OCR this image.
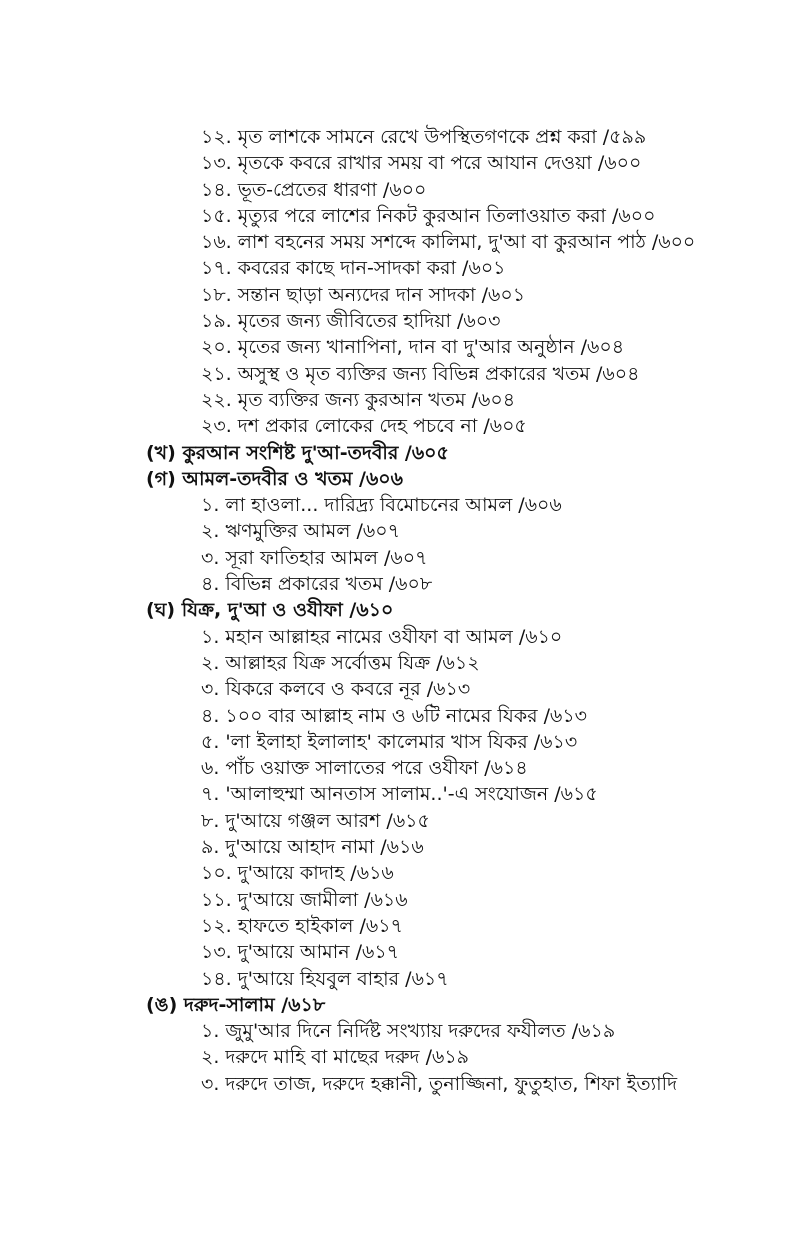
১২. মৃত লাশকে সামনে রেখে উপস্থিতগণকে প্রশ্ন করা /৫৯৯
১৩. মৃতকে কবরে রাখার সময় বা পরে আযান দেওয়া /৬০০
১৪. ভূত-প্রেতের ধারণা /৬০০
১৫. মৃত্যুর পরে লাশের নিকট কুরআন তিলাওয়াত করা /৬০০
১৬. লাশ বহনের সময় সশব্দে কালিমা, দু'আ বা কুরআন পাঠ /৬০০
১৭. কবরের কাছে দান-সাদকা করা /৬০১
১৮. সন্তান ছাড়া অন্যদের দান সাদকা /৬০১
১৯. মৃতের জন্য জীবিতের হাদিয়া /৬০৩
২০. মৃতের জন্য খানাপিনা, দান বা দু'আর অনুষ্ঠান /৬০৪
২১. অসুস্থ ও মৃত ব্যক্তির জন্য বিভিন্ন প্রকারের খতম /৬০৪
২২. মৃত ব্যক্তির জন্য কুরআন খতম /৬০৪
২৩. দশ প্রকার লোকের দেহ পচবে না /৬০৫
(খ) কুরআন সংশিষ্ট দু'আ-তদবীর /৬০৫
(গ) আমল-তদবীর ও খতম /৬০৬
১. লা হাওলা... দারিদ্র্য বিমোচনের আমল /৬০৬
২. ঋণমুক্তির আমল /৬০৭
৩. সূরা ফাতিহার আমল /৬০৭
৪. বিভিন্ন প্রকারের খতম /৬০৮
(ঘ) যিক্র, দু'আ ও ওযীফা /৬১০
১. মহান আল্লাহর নামের ওযীফা বা আমল /৬১০
২. আল্লাহর যিক্র সর্বোত্তম যিক্র /৬১২
৩. যিকরে কলবে ও কবরে নূর /৬১৩
৪. ১০০ বার আল্লাহ নাম ও ৬টি নামের যিকর /৬১৩
৫. 'লা ইলাহা ইলালাহ' কালেমার খাস যিকর /৬১৩
৬. পাঁচ ওয়াক্ত সালাতের পরে ওযীফা /৬১৪
৭. 'আলাহুম্মা আনতাস সালাম..'-এ সংযোজন /৬১৫
৮. দু'আয়ে গঞ্জল আরশ /৬১৫
৯. দু'আয়ে আহাদ নামা /৬১৬
১০. দু'আয়ে কাদাহ /৬১৬
১১. দু'আয়ে জামীলা /৬১৬
১২. হাফতে হাইকাল /৬১৭
১৩. দু'আয়ে আমান /৬১৭
১৪. দু'আয়ে হিযবুল বাহার /৬১৭
(ঙ) দরুদ-সালাম /৬১৮
১. জুমু'আর দিনে নির্দিষ্ট সংখ্যায় দরুদের ফযীলত /৬১৯
২. দরুদে মাহি বা মাছের দরুদ /৬১৯
৩. দরুদে তাজ, দরুদে হক্কানী, তুনাজ্জিনা, ফুতুহাত, শিফা ইত্যাদি
